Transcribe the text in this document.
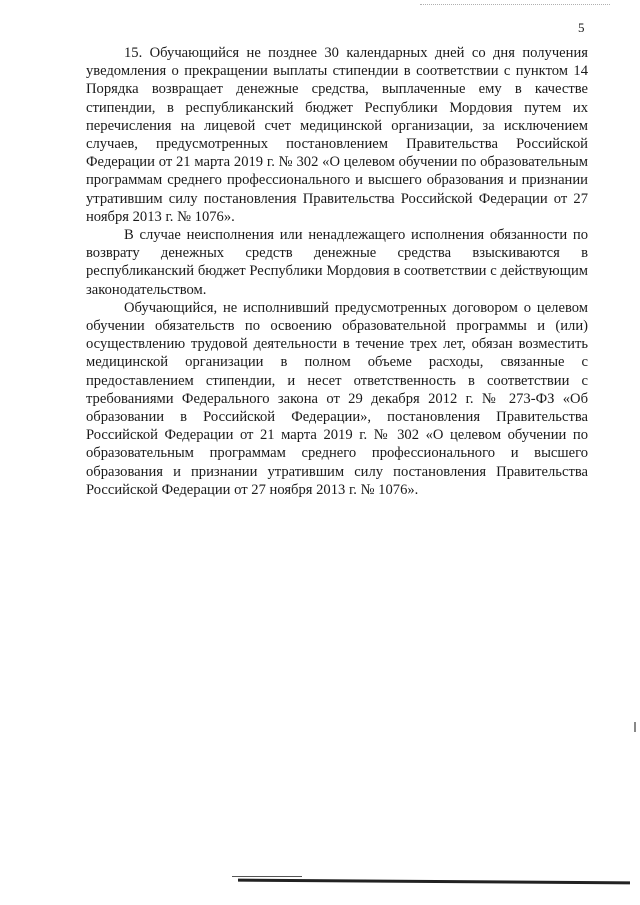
5

15. Обучающийся не позднее 30 календарных дней со дня получения уведомления о прекращении выплаты стипендии в соответствии с пунктом 14 Порядка возвращает денежные средства, выплаченные ему в качестве стипендии, в республиканский бюджет Республики Мордовия путем их перечисления на лицевой счет медицинской организации, за исключением случаев, предусмотренных постановлением Правительства Российской Федерации от 21 марта 2019 г. № 302 «О целевом обучении по образовательным программам среднего профессионального и высшего образования и признании утратившим силу постановления Правительства Российской Федерации от 27 ноября 2013 г. № 1076».

В случае неисполнения или ненадлежащего исполнения обязанности по возврату денежных средств денежные средства взыскиваются в республиканский бюджет Республики Мордовия в соответствии с действующим законодательством.

Обучающийся, не исполнивший предусмотренных договором о целевом обучении обязательств по освоению образовательной программы и (или) осуществлению трудовой деятельности в течение трех лет, обязан возместить медицинской организации в полном объеме расходы, связанные с предоставлением стипендии, и несет ответственность в соответствии с требованиями Федерального закона от 29 декабря 2012 г. № 273-ФЗ «Об образовании в Российской Федерации», постановления Правительства Российской Федерации от 21 марта 2019 г. № 302 «О целевом обучении по образовательным программам среднего профессионального и высшего образования и признании утратившим силу постановления Правительства Российской Федерации от 27 ноября 2013 г. № 1076».
